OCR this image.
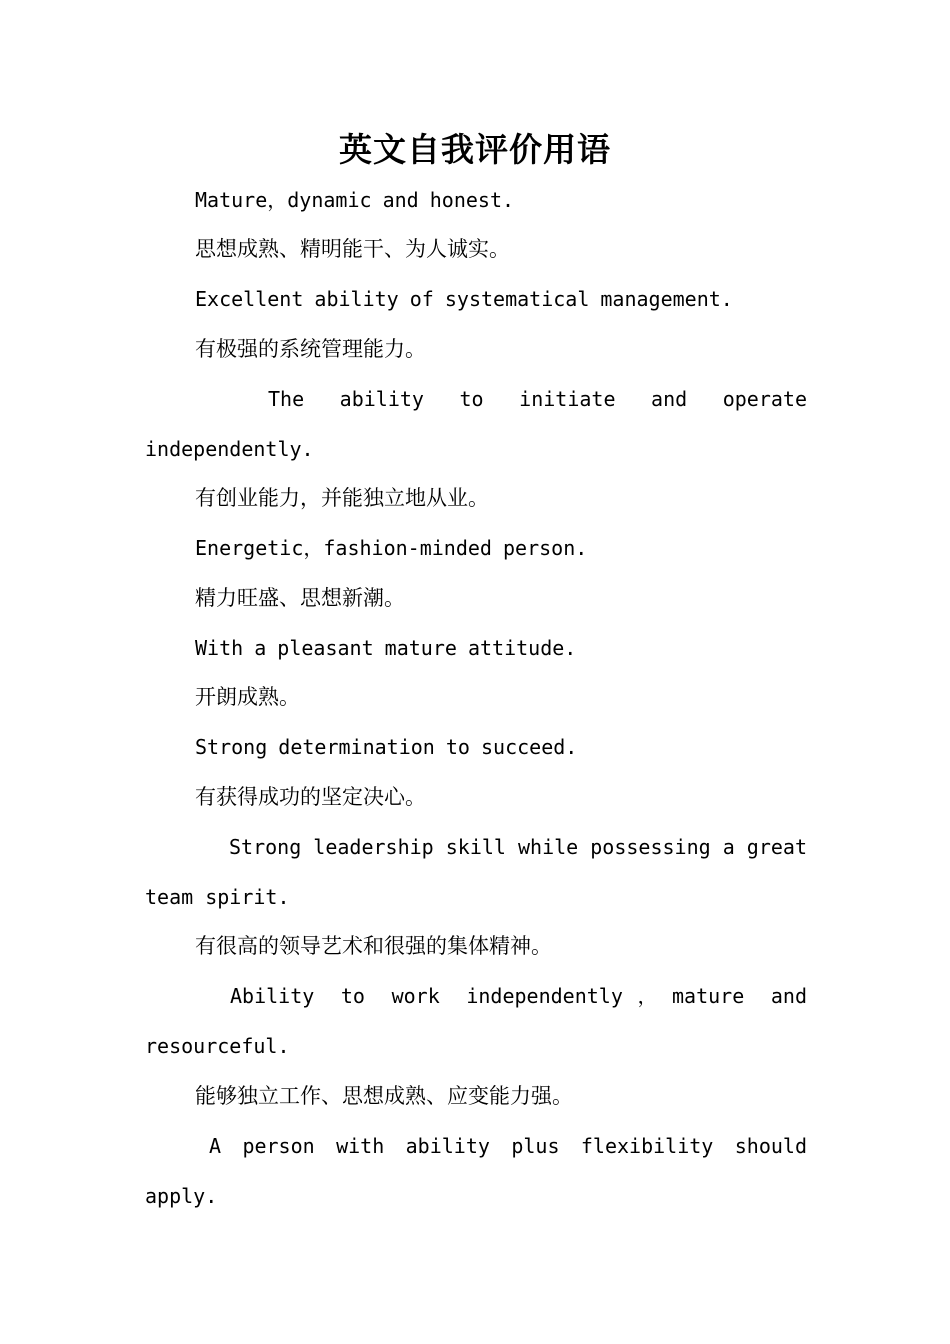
英文自我评价用语

Mature，dynamic and honest.

思想成熟、精明能干、为人诚实。

Excellent ability of systematical management.

有极强的系统管理能力。

The ability to initiate and operate independently.

有创业能力，并能独立地从业。

Energetic，fashion-minded person.

精力旺盛、思想新潮。

With a pleasant mature attitude.

开朗成熟。

Strong determination to succeed.

有获得成功的坚定决心。

Strong leadership skill while possessing a great team spirit.

有很高的领导艺术和很强的集体精神。

Ability to work independently，mature and resourceful.

能够独立工作、思想成熟、应变能力强。

A person with ability plus flexibility should apply.
